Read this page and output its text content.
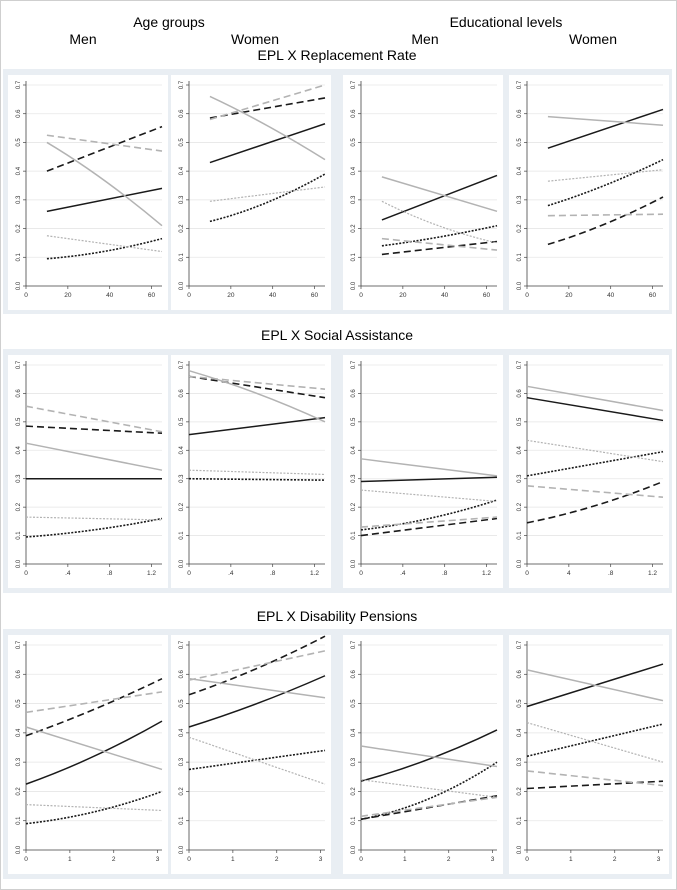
Age groups	Educational levels
Men	Women	Men	Women
EPL X Replacement Rate
EPL X Social Assistance
EPL X Disability Pensions
0.0
0.1
0.2
0.3
0.4
0.5
0.6
0.7
0	20	40	60
0.0
0.1
0.2
0.3
0.4
0.5
0.6
0.7
0	20	40	60
0.0
0.1
0.2
0.3
0.4
0.5
0.6
0.7
0	20	40	60
0.0
0.1
0.2
0.3
0.4
0.5
0.6
0.7
0	20	40	60
0.0
0.1
0.2
0.3
0.4
0.5
0.6
0.7
0	.4	.8	1.2
0.0
0.1
0.2
0.3
0.4
0.5
0.6
0.7
0	.4	.8	1.2
0.0
0.1
0.2
0.3
0.4
0.5
0.6
0.7
0	.4	.8	1.2
0.0
0.1
0.2
0.3
0.4
0.5
0.6
0.7
0	4	.8	1.2
0.0
0.1
0.2
0.3
0.4
0.5
0.6
0.7
0	1	2	3
0.0
0.1
0.2
0.3
0.4
0.5
0.6
0.7
0	1	2	3
0.0
0.1
0.2
0.3
0.4
0.5
0.6
0.7
0	1	2	3
0.0
0.1
0.2
0.3
0.4
0.5
0.6
0.7
0	1	2	3
